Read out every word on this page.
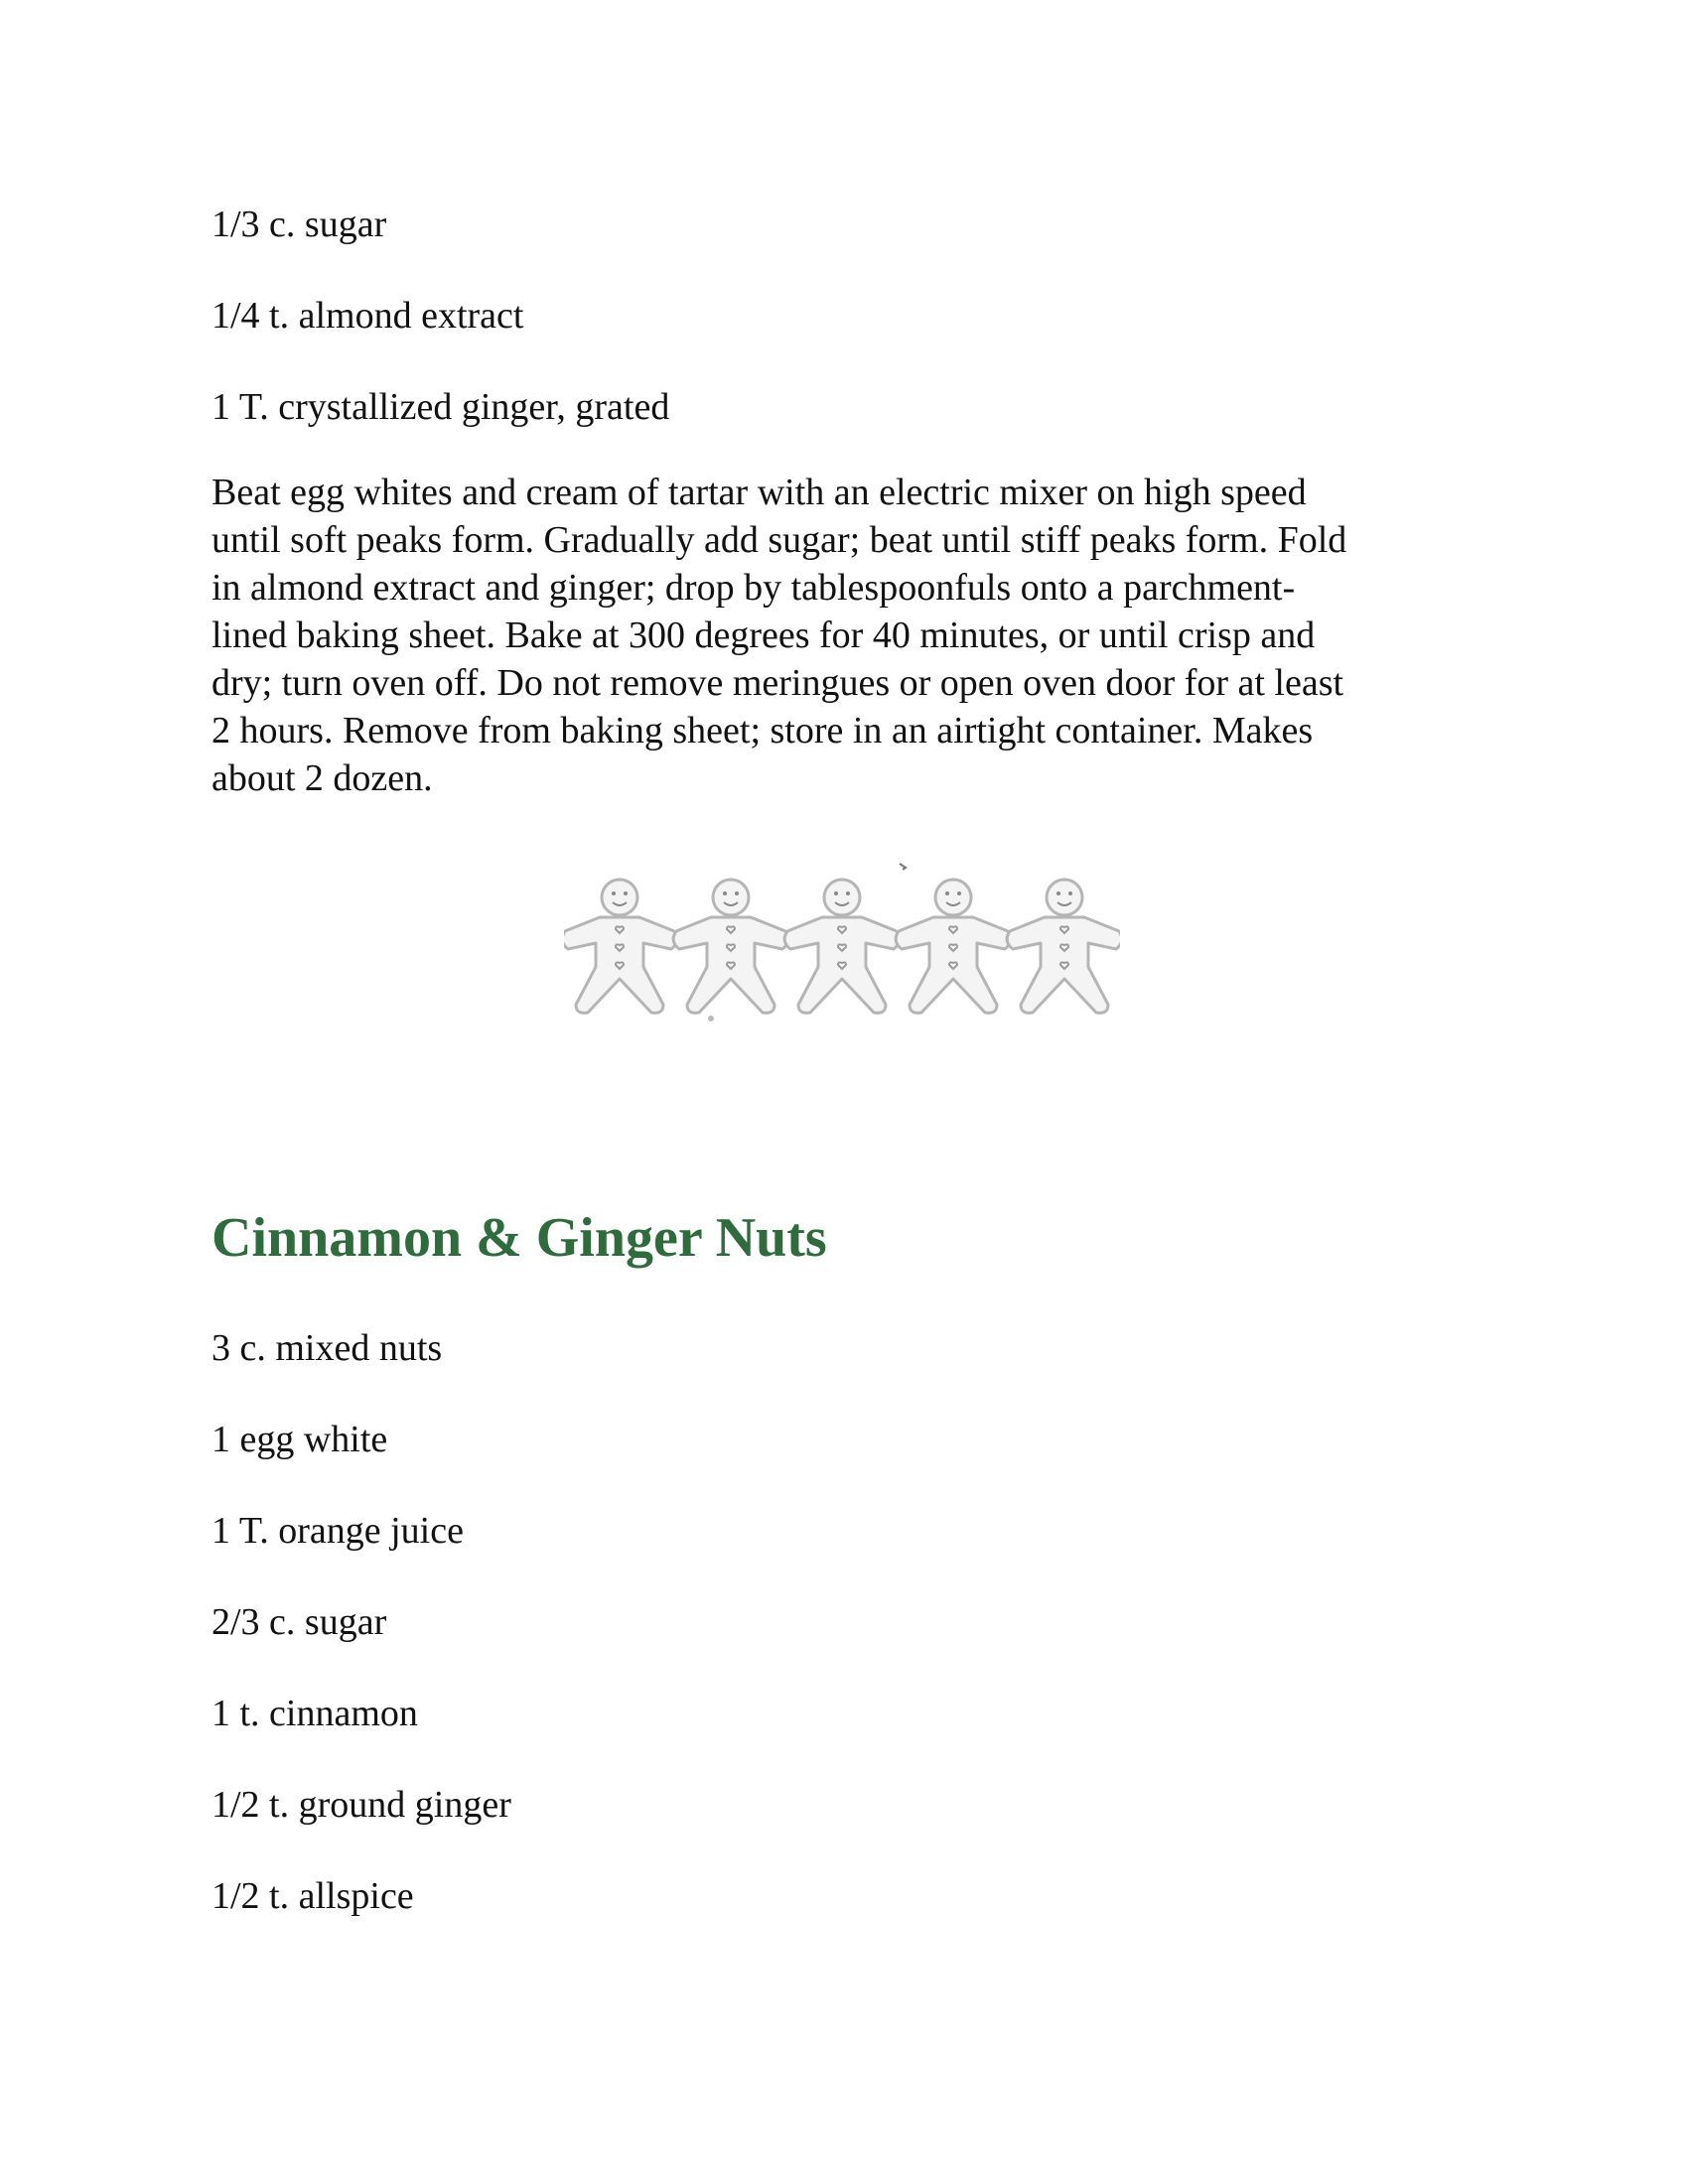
1/3 c. sugar
1/4 t. almond extract
1 T. crystallized ginger, grated
Beat egg whites and cream of tartar with an electric mixer on high speed
until soft peaks form. Gradually add sugar; beat until stiff peaks form. Fold
in almond extract and ginger; drop by tablespoonfuls onto a parchment-
lined baking sheet. Bake at 300 degrees for 40 minutes, or until crisp and
dry; turn oven off. Do not remove meringues or open oven door for at least
2 hours. Remove from baking sheet; store in an airtight container. Makes
about 2 dozen.
Cinnamon & Ginger Nuts
3 c. mixed nuts
1 egg white
1 T. orange juice
2/3 c. sugar
1 t. cinnamon
1/2 t. ground ginger
1/2 t. allspice
